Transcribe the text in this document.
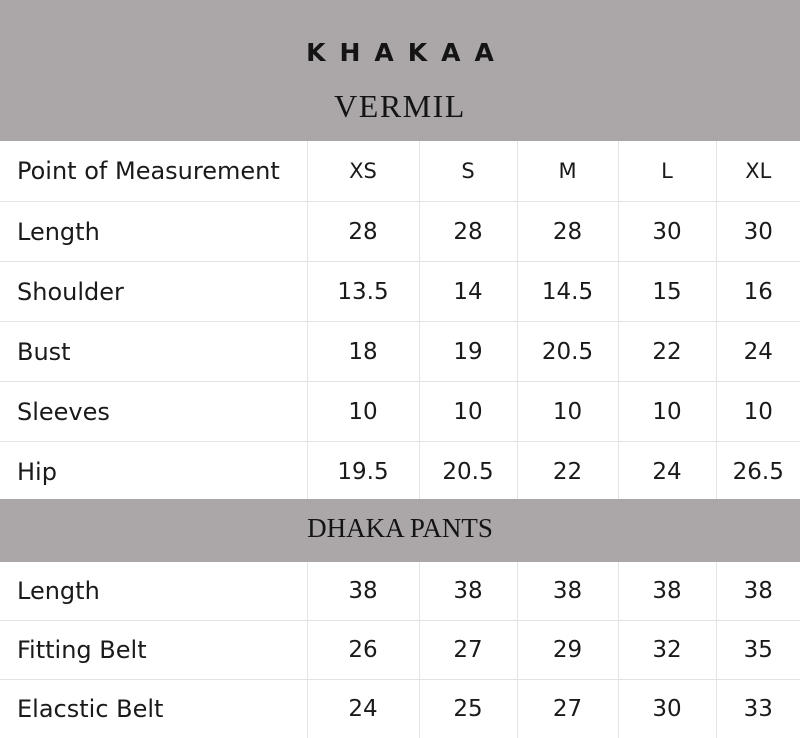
KHAKAA
VERMIL
Point of Measurement	XS	S	M	L	XL
Length	28	28	28	30	30
Shoulder	13.5	14	14.5	15	16
Bust	18	19	20.5	22	24
Sleeves	10	10	10	10	10
Hip	19.5	20.5	22	24	26.5
DHAKA PANTS
Length	38	38	38	38	38
Fitting Belt	26	27	29	32	35
Elacstic Belt	24	25	27	30	33
